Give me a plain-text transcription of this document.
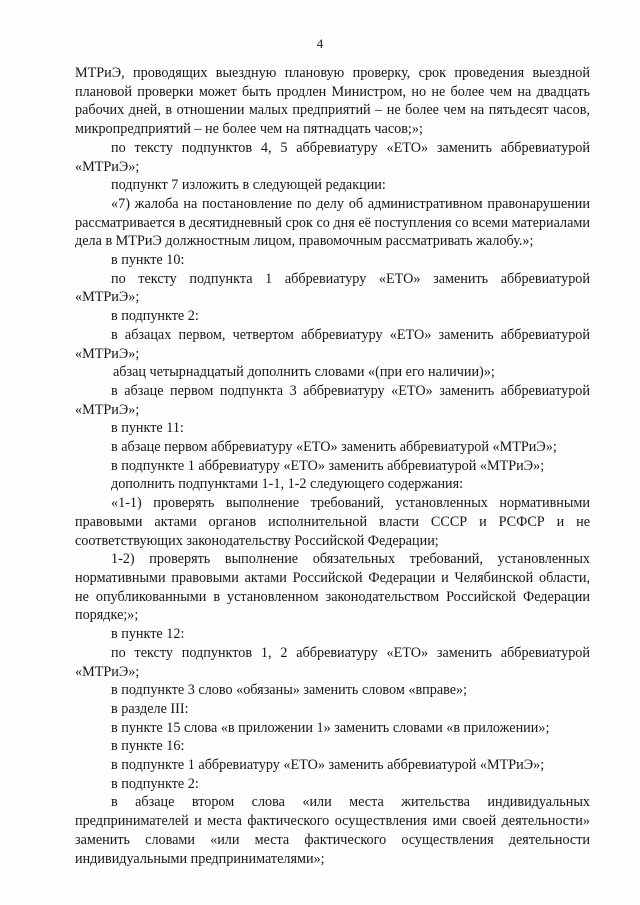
4

МТРиЭ, проводящих выездную плановую проверку, срок проведения выездной плановой проверки может быть продлен Министром, но не более чем на двадцать рабочих дней, в отношении малых предприятий – не более чем на пятьдесят часов, микропредприятий – не более чем на пятнадцать часов;»;

по тексту подпунктов 4, 5 аббревиатуру «ЕТО» заменить аббревиатурой «МТРиЭ»;

подпункт 7 изложить в следующей редакции:

«7) жалоба на постановление по делу об административном правонарушении рассматривается в десятидневный срок со дня её поступления со всеми материалами дела в МТРиЭ должностным лицом, правомочным рассматривать жалобу.»;

в пункте 10:

по тексту подпункта 1 аббревиатуру «ЕТО» заменить аббревиатурой «МТРиЭ»;

в подпункте 2:

в абзацах первом, четвертом аббревиатуру «ЕТО» заменить аббревиатурой «МТРиЭ»;

абзац четырнадцатый дополнить словами «(при его наличии)»;

в абзаце первом подпункта 3 аббревиатуру «ЕТО» заменить аббревиатурой «МТРиЭ»;

в пункте 11:

в абзаце первом аббревиатуру «ЕТО» заменить аббревиатурой «МТРиЭ»;

в подпункте 1 аббревиатуру «ЕТО» заменить аббревиатурой «МТРиЭ»;

дополнить подпунктами 1-1, 1-2 следующего содержания:

«1-1) проверять выполнение требований, установленных нормативными правовыми актами органов исполнительной власти СССР и РСФСР и не соответствующих законодательству Российской Федерации;

1-2) проверять выполнение обязательных требований, установленных нормативными правовыми актами Российской Федерации и Челябинской области, не опубликованными в установленном законодательством Российской Федерации порядке;»;

в пункте 12:

по тексту подпунктов 1, 2 аббревиатуру «ЕТО» заменить аббревиатурой «МТРиЭ»;

в подпункте 3 слово «обязаны» заменить словом «вправе»;

в разделе III:

в пункте 15 слова «в приложении 1» заменить словами «в приложении»;

в пункте 16:

в подпункте 1 аббревиатуру «ЕТО» заменить аббревиатурой «МТРиЭ»;

в подпункте 2:

в абзаце втором слова «или места жительства индивидуальных предпринимателей и места фактического осуществления ими своей деятельности» заменить словами «или места фактического осуществления деятельности индивидуальными предпринимателями»;
